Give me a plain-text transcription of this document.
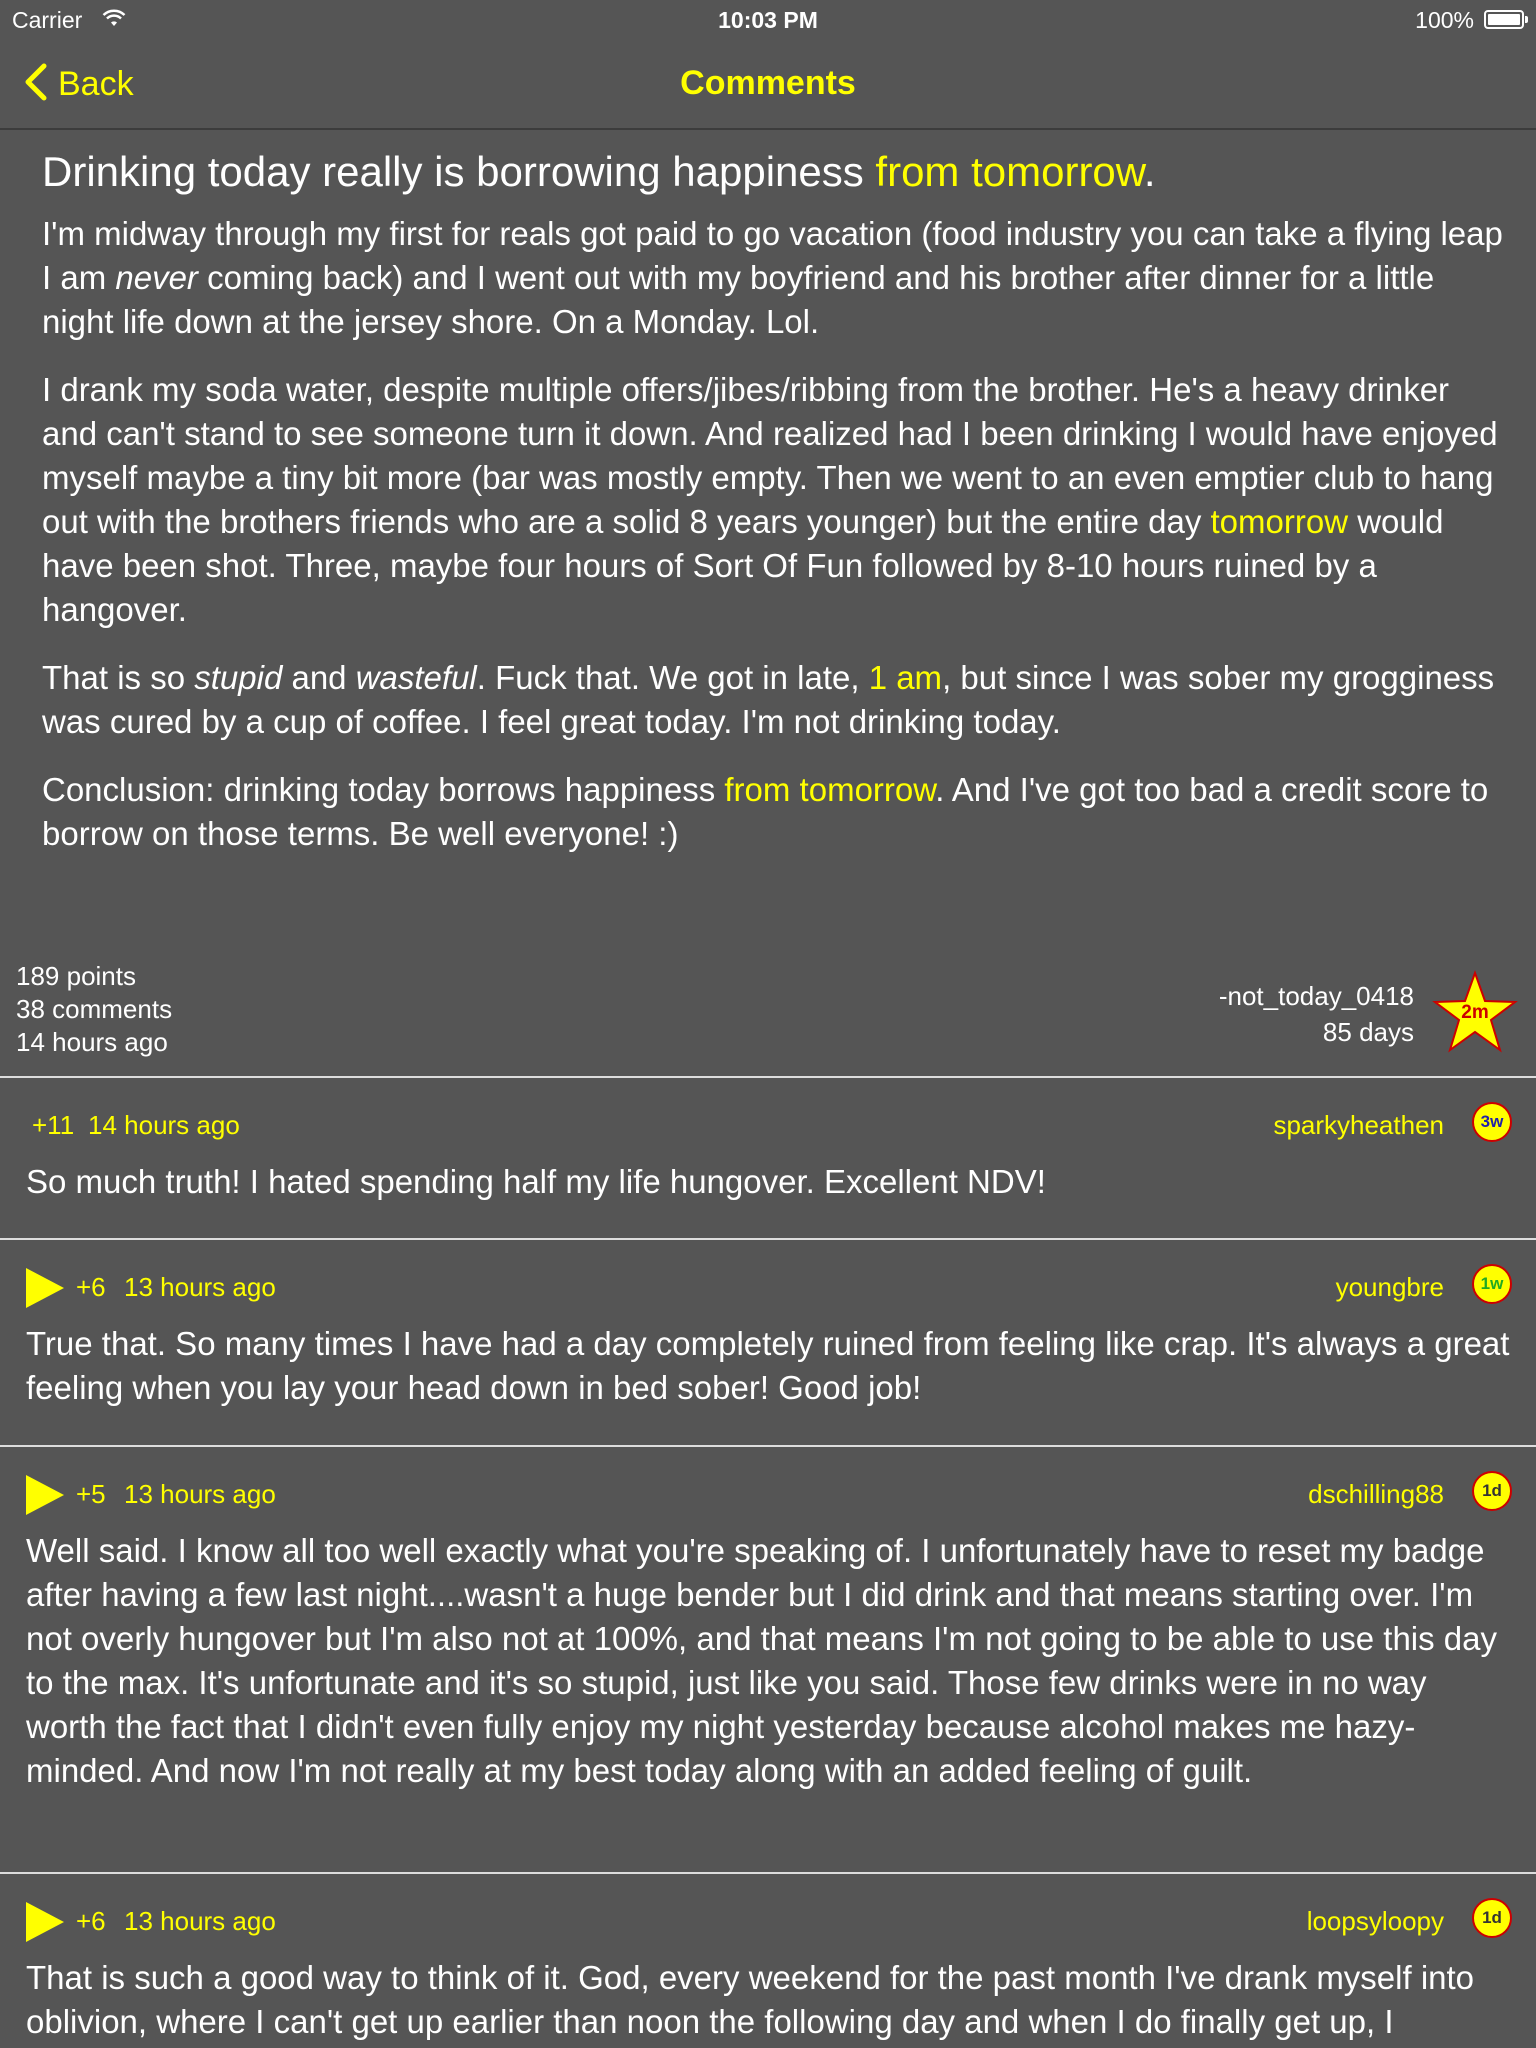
Carrier	10:03 PM	100%
Back	Comments
Drinking today really is borrowing happiness from tomorrow.

I'm midway through my first for reals got paid to go vacation (food industry you can take a flying leap I am never coming back) and I went out with my boyfriend and his brother after dinner for a little night life down at the jersey shore. On a Monday. Lol.

I drank my soda water, despite multiple offers/jibes/ribbing from the brother. He's a heavy drinker and can't stand to see someone turn it down. And realized had I been drinking I would have enjoyed myself maybe a tiny bit more (bar was mostly empty. Then we went to an even emptier club to hang out with the brothers friends who are a solid 8 years younger) but the entire day tomorrow would have been shot. Three, maybe four hours of Sort Of Fun followed by 8-10 hours ruined by a hangover.

That is so stupid and wasteful. Fuck that. We got in late, 1 am, but since I was sober my grogginess was cured by a cup of coffee. I feel great today. I'm not drinking today.

Conclusion: drinking today borrows happiness from tomorrow. And I've got too bad a credit score to borrow on those terms. Be well everyone! :)

189 points
38 comments
14 hours ago
-not_today_0418
85 days
2m
+11 14 hours ago	sparkyheathen	3w
So much truth! I hated spending half my life hungover. Excellent NDV!
+6 13 hours ago	youngbre	1w
True that. So many times I have had a day completely ruined from feeling like crap. It's always a great feeling when you lay your head down in bed sober! Good job!
+5 13 hours ago	dschilling88	1d
Well said. I know all too well exactly what you're speaking of. I unfortunately have to reset my badge after having a few last night....wasn't a huge bender but I did drink and that means starting over. I'm not overly hungover but I'm also not at 100%, and that means I'm not going to be able to use this day to the max. It's unfortunate and it's so stupid, just like you said. Those few drinks were in no way worth the fact that I didn't even fully enjoy my night yesterday because alcohol makes me hazy-minded. And now I'm not really at my best today along with an added feeling of guilt.
+6 13 hours ago	loopsyloopy	1d
That is such a good way to think of it. God, every weekend for the past month I've drank myself into oblivion, where I can't get up earlier than noon the following day and when I do finally get up, I
